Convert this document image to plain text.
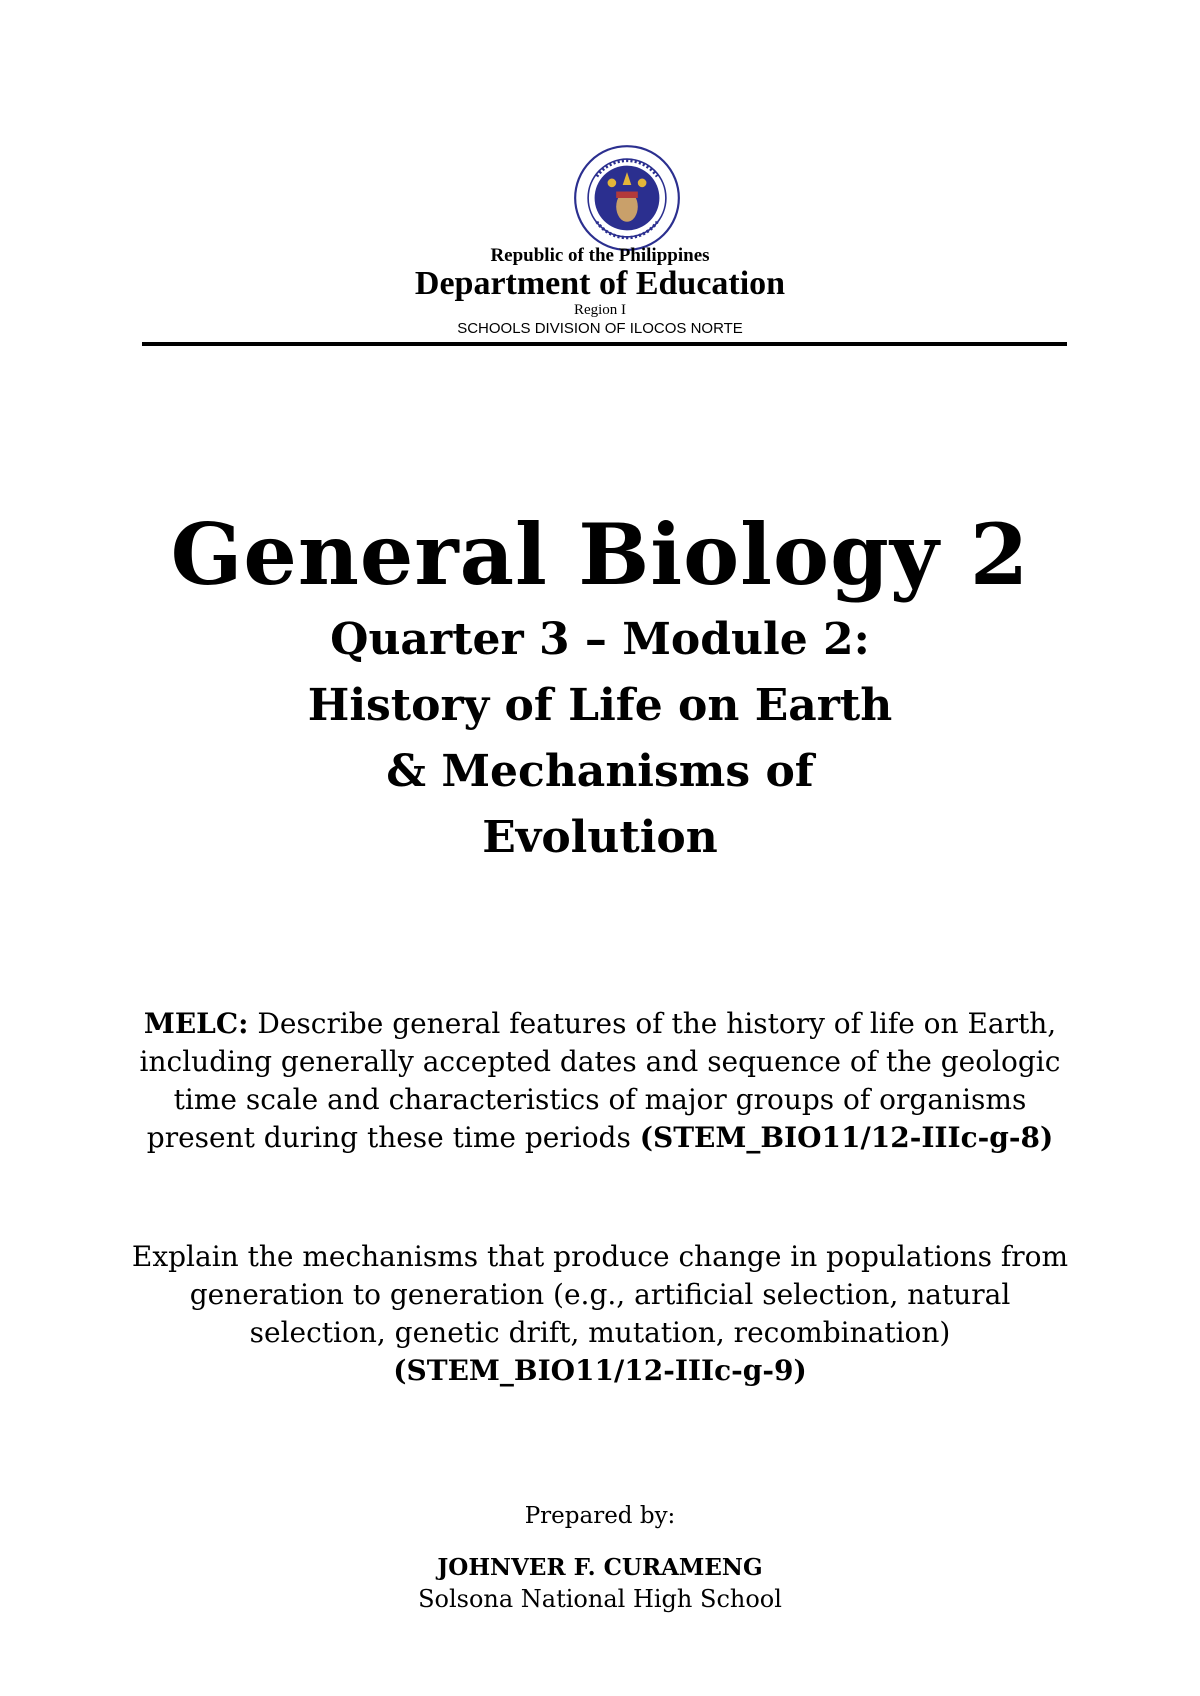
Republic of the Philippines
Department of Education
Region I
SCHOOLS DIVISION OF ILOCOS NORTE
General Biology 2
Quarter 3 – Module 2:
History of Life on Earth
& Mechanisms of
Evolution
MELC: Describe general features of the history of life on Earth, including generally accepted dates and sequence of the geologic time scale and characteristics of major groups of organisms present during these time periods (STEM_BIO11/12-IIIc-g-8)
Explain the mechanisms that produce change in populations from generation to generation (e.g., artificial selection, natural selection, genetic drift, mutation, recombination)
(STEM_BIO11/12-IIIc-g-9)
Prepared by:
JOHNVER F. CURAMENG
Solsona National High School
